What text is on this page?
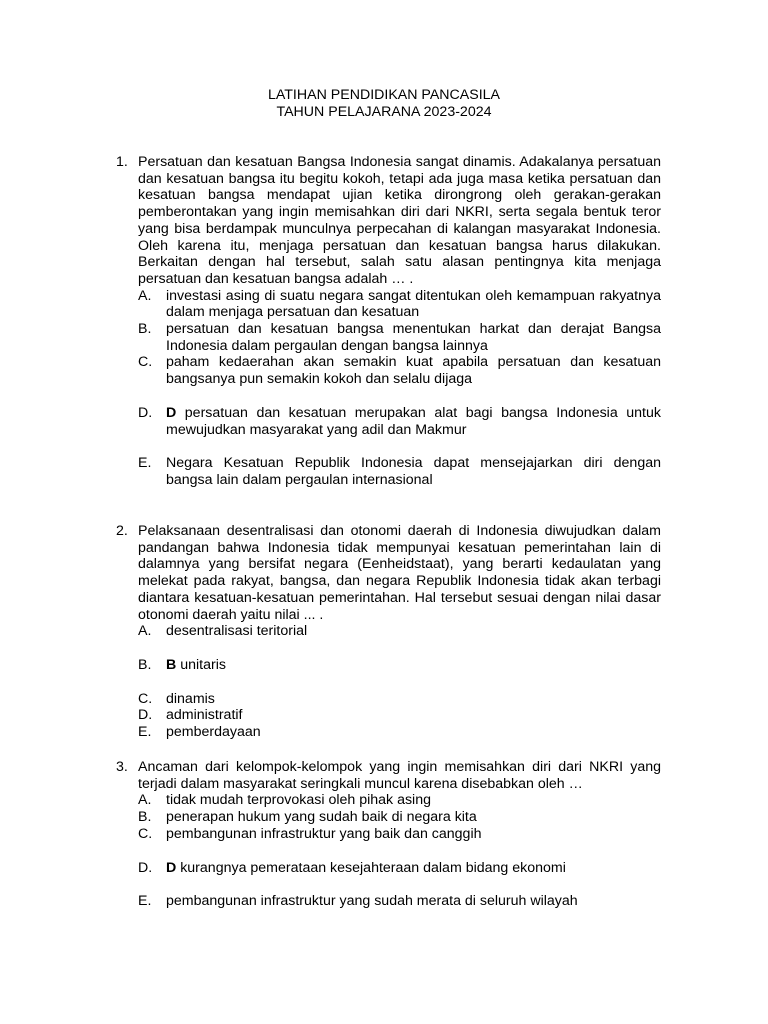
LATIHAN PENDIDIKAN PANCASILA
TAHUN PELAJARANA 2023-2024
1. Persatuan dan kesatuan Bangsa Indonesia sangat dinamis. Adakalanya persatuan dan kesatuan bangsa itu begitu kokoh, tetapi ada juga masa ketika persatuan dan kesatuan bangsa mendapat ujian ketika dirongrong oleh gerakan-gerakan pemberontakan yang ingin memisahkan diri dari NKRI, serta segala bentuk teror yang bisa berdampak munculnya perpecahan di kalangan masyarakat Indonesia. Oleh karena itu, menjaga persatuan dan kesatuan bangsa harus dilakukan. Berkaitan dengan hal tersebut, salah satu alasan pentingnya kita menjaga persatuan dan kesatuan bangsa adalah … .
A.	investasi asing di suatu negara sangat ditentukan oleh kemampuan rakyatnya dalam menjaga persatuan dan kesatuan
B.	persatuan dan kesatuan bangsa menentukan harkat dan derajat Bangsa Indonesia dalam pergaulan dengan bangsa lainnya
C. paham kedaerahan akan semakin kuat apabila persatuan dan kesatuan bangsanya pun semakin kokoh dan selalu dijaga
D. D persatuan dan kesatuan merupakan alat bagi bangsa Indonesia untuk mewujudkan masyarakat yang adil dan Makmur
E.	Negara Kesatuan Republik Indonesia dapat mensejajarkan diri dengan bangsa lain dalam pergaulan internasional
2. Pelaksanaan desentralisasi dan otonomi daerah di Indonesia diwujudkan dalam pandangan bahwa Indonesia tidak mempunyai kesatuan pemerintahan lain di dalamnya yang bersifat negara (Eenheidstaat), yang berarti kedaulatan yang melekat pada rakyat, bangsa, dan negara Republik Indonesia tidak akan terbagi diantara kesatuan-kesatuan pemerintahan. Hal tersebut sesuai dengan nilai dasar otonomi daerah yaitu nilai ... .
A.	desentralisasi teritorial
B.	B unitaris
C. dinamis
D. administratif
E.	pemberdayaan
3. Ancaman dari kelompok-kelompok yang ingin memisahkan diri dari NKRI yang terjadi dalam masyarakat seringkali muncul karena disebabkan oleh …
A.	tidak mudah terprovokasi oleh pihak asing
B.	penerapan hukum yang sudah baik di negara kita
C. pembangunan infrastruktur yang baik dan canggih
D. D kurangnya pemerataan kesejahteraan dalam bidang ekonomi
E.	pembangunan infrastruktur yang sudah merata di seluruh wilayah
